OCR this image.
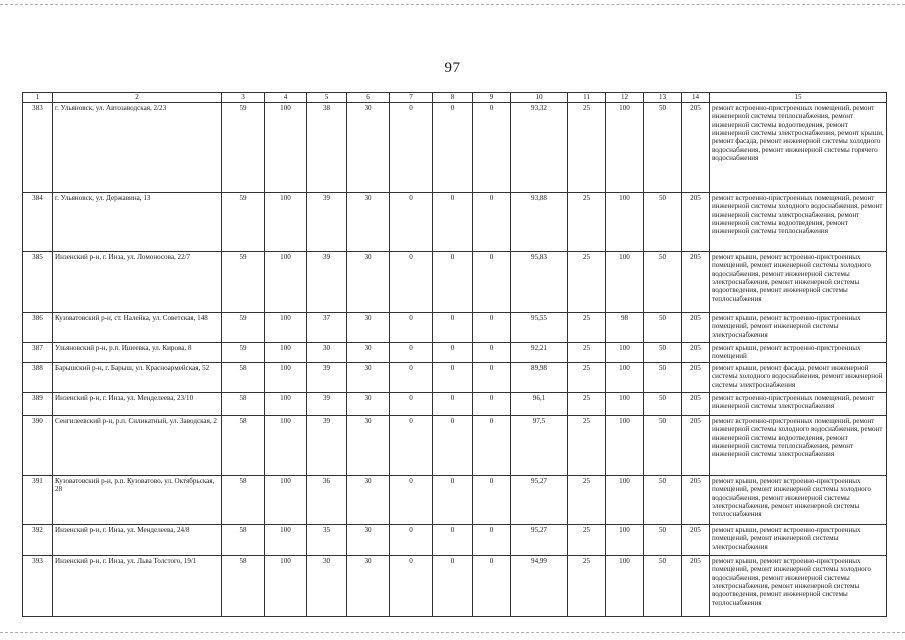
97
1	2	3	4	5	6	7	8	9	10	11	12	13	14	15
383	г. Ульяновск, ул. Автозаводская, 2/23	59	100	38	30	0	0	0	93,32	25	100	50	205	ремонт встроенно-пристроенных помещений, ремонт инженерной системы теплоснабжения, ремонт инженерной системы водоотведения, ремонт инженерной системы электроснабжения, ремонт крыши, ремонт фасада, ремонт инженерной системы холодного водоснабжения, ремонт инженерной системы горячего водоснабжения
384	г. Ульяновск, ул. Державина, 13	59	100	39	30	0	0	0	93,88	25	100	50	205	ремонт встроенно-пристроенных помещений, ремонт инженерной системы холодного водоснабжения, ремонт инженерной системы электроснабжения, ремонт инженерной системы водоотведения, ремонт инженерной системы теплоснабжения
385	Инзенский р-н, г. Инза, ул. Ломоносова, 22/7	59	100	39	30	0	0	0	95,83	25	100	50	205	ремонт крыши, ремонт встроенно-пристроенных помещений, ремонт инженерной системы холодного водоснабжения, ремонт инженерной системы электроснабжения, ремонт инженерной системы водоотведения, ремонт инженерной системы теплоснабжения
386	Кузоватовский р-н, ст. Налейка, ул. Советская, 148	59	100	37	30	0	0	0	95,55	25	98	50	205	ремонт крыши, ремонт встроенно-пристроенных помещений, ремонт инженерной системы электроснабжения
387	Ульяновский р-н, р.п. Ишеевка, ул. Кирова, 8	59	100	30	30	0	0	0	92,21	25	100	50	205	ремонт крыши, ремонт встроенно-пристроенных помещений
388	Барышский р-н, г. Барыш, ул. Красноармейская, 52	58	100	39	30	0	0	0	89,98	25	100	50	205	ремонт крыши, ремонт фасада, ремонт инженерной системы холодного водоснабжения, ремонт инженерной системы электроснабжения
389	Инзенский р-н, г. Инза, ул. Менделеева, 23/10	58	100	39	30	0	0	0	96,1	25	100	50	205	ремонт встроенно-пристроенных помещений, ремонт инженерной системы электроснабжения
390	Сенгилеевский р-н, р.п. Силикатный, ул. Заводская, 2	58	100	39	30	0	0	0	97,5	25	100	50	205	ремонт встроенно-пристроенных помещений, ремонт инженерной системы холодного водоснабжения, ремонт инженерной системы водоотведения, ремонт инженерной системы теплоснабжения, ремонт инженерной системы электроснабжения
391	Кузоватовский р-н, р.п. Кузоватово, ул. Октябрьская, 28	58	100	36	30	0	0	0	95,27	25	100	50	205	ремонт крыши, ремонт встроенно-пристроенных помещений, ремонт инженерной системы холодного водоснабжения, ремонт инженерной системы электроснабжения, ремонт инженерной системы теплоснабжения
392	Инзенский р-н, г. Инза, ул. Менделеева, 24/8	58	100	35	30	0	0	0	95,27	25	100	50	205	ремонт крыши, ремонт встроенно-пристроенных помещений, ремонт инженерной системы электроснабжения
393	Инзенский р-н, г. Инза, ул. Льва Толстого, 19/1	58	100	30	30	0	0	0	94,99	25	100	50	205	ремонт крыши, ремонт встроенно-пристроенных помещений, ремонт инженерной системы холодного водоснабжения, ремонт инженерной системы электроснабжения, ремонт инженерной системы водоотведения, ремонт инженерной системы теплоснабжения
